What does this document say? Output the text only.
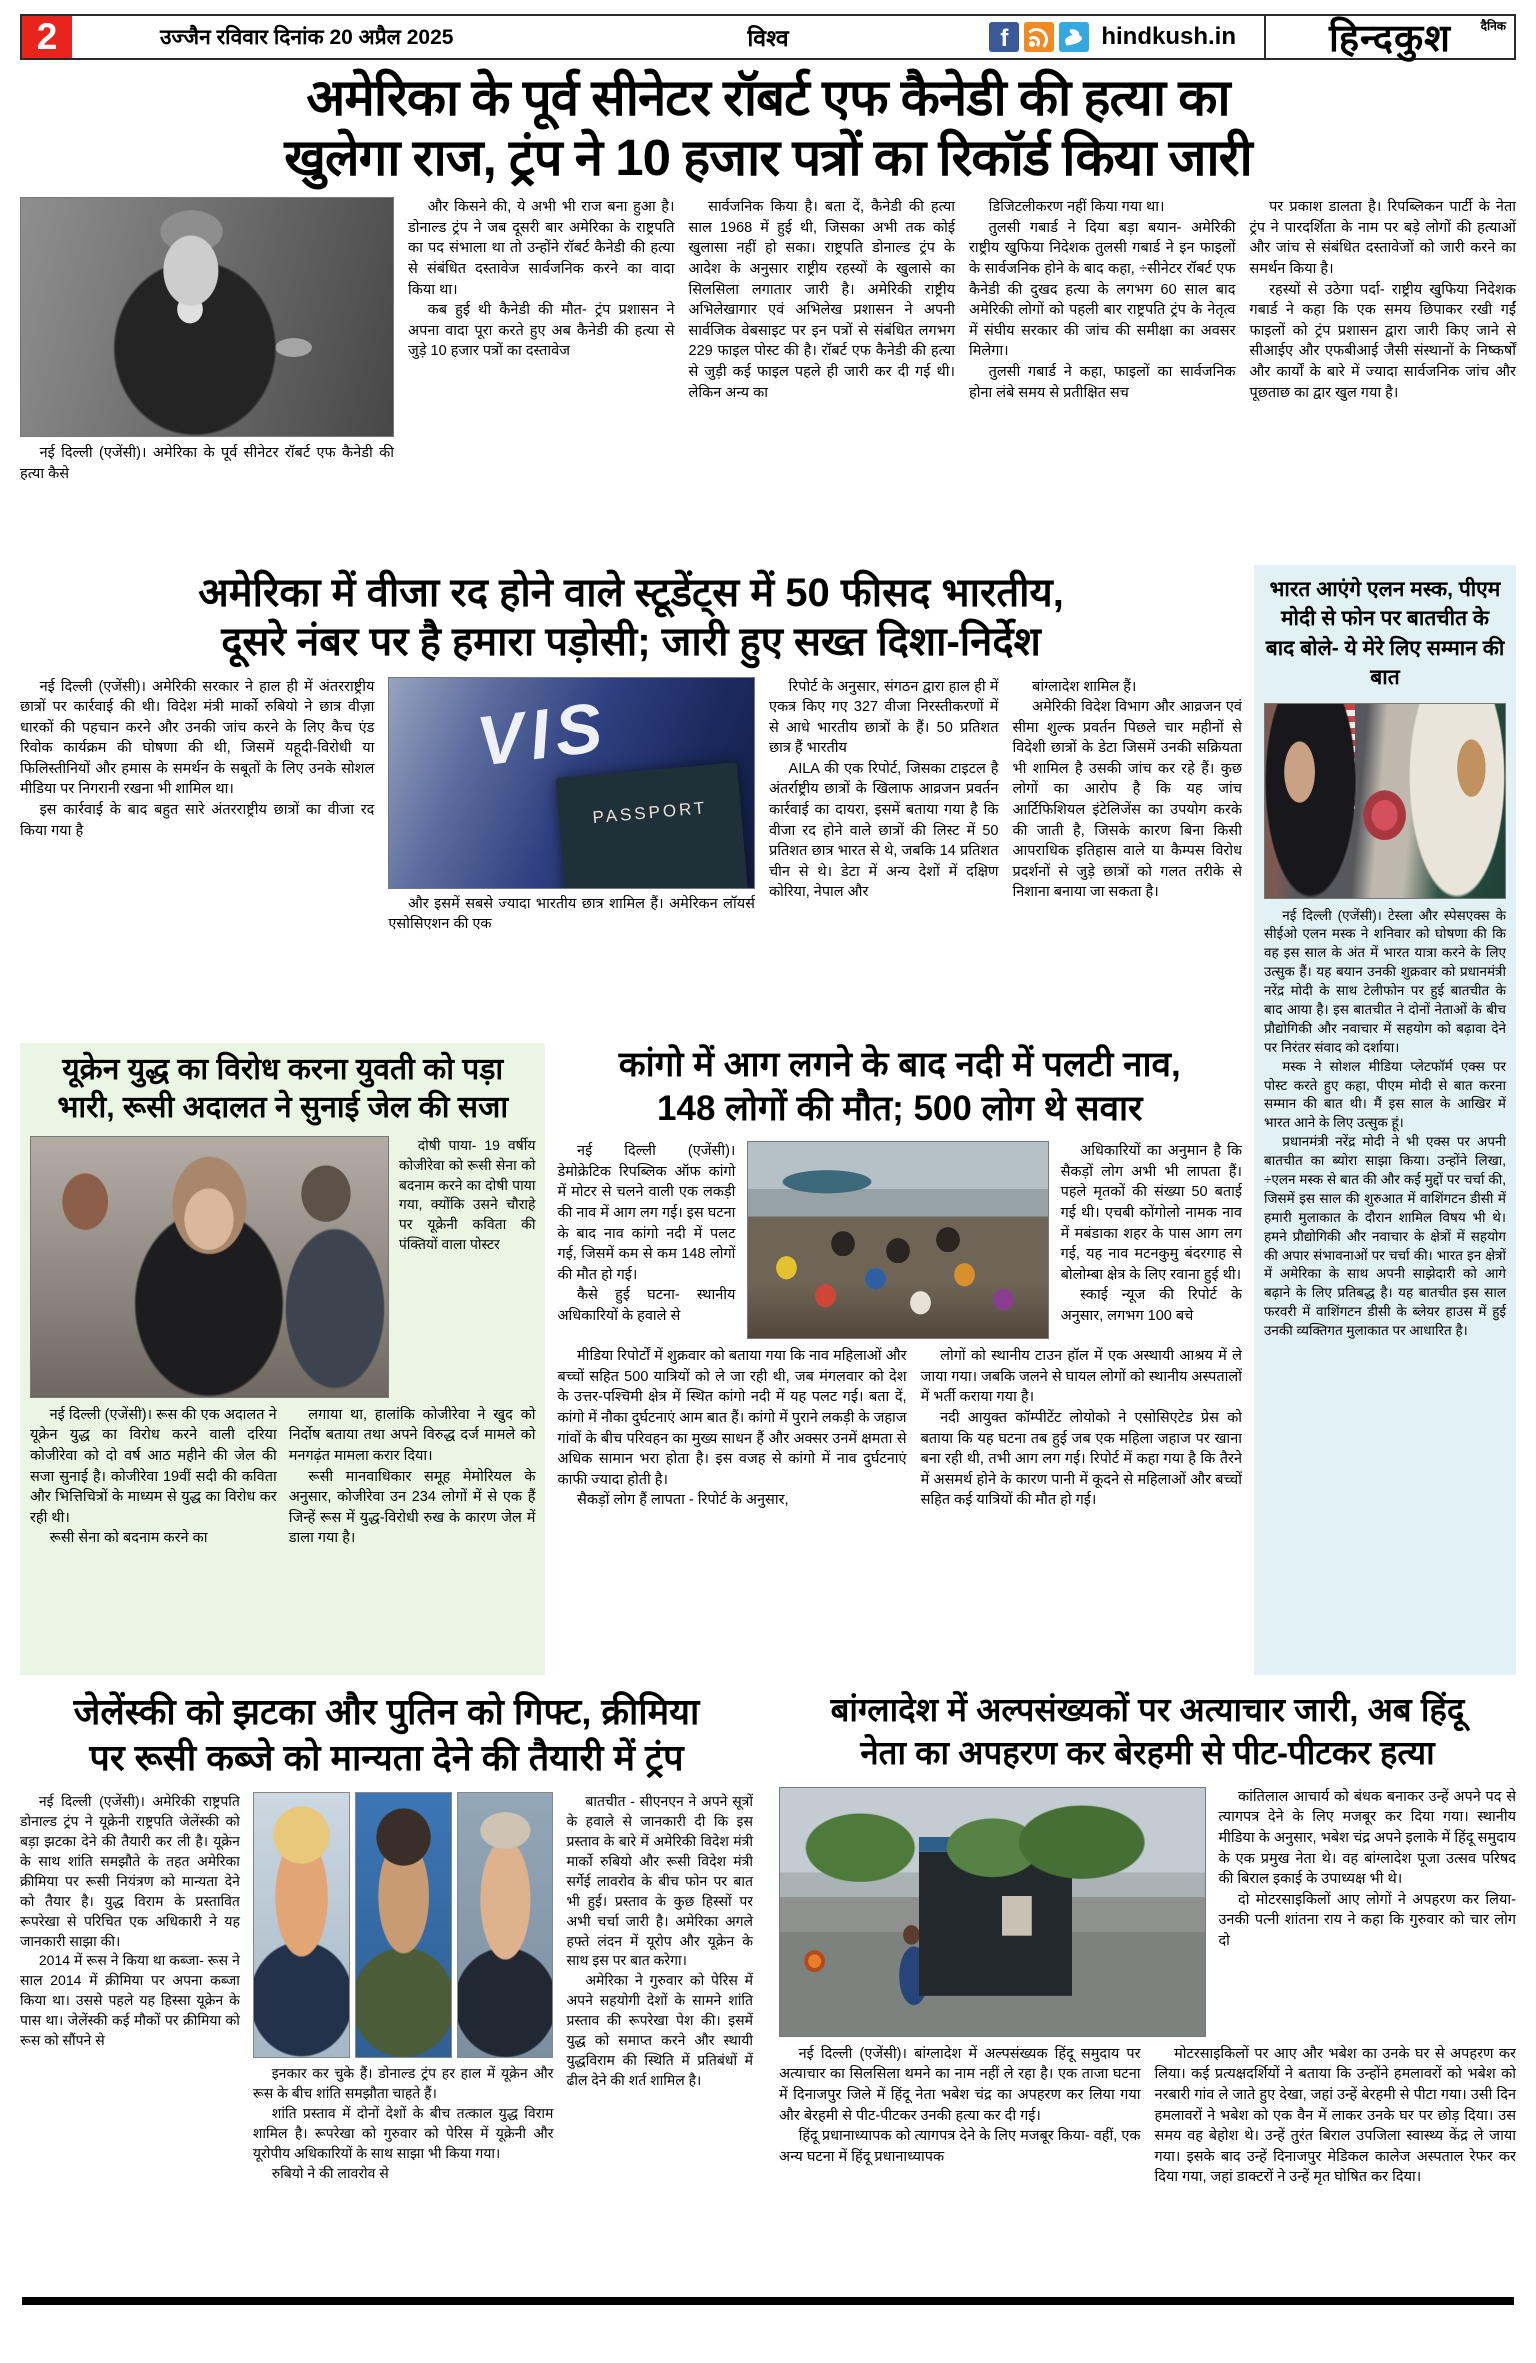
2	उज्जैन रविवार दिनांक 20 अप्रैल 2025	विश्व	f	hindkush.in	दैनिक
हिन्दकुश
अमेरिका के पूर्व सीनेटर रॉबर्ट एफ कैनेडी की हत्या का
खुलेगा राज, ट्रंप ने 10 हजार पत्रों का रिकॉर्ड किया जारी

नई दिल्ली (एजेंसी)। अमेरिका के पूर्व सीनेटर रॉबर्ट एफ कैनेडी की हत्या कैसे

और किसने की, ये अभी भी राज बना हुआ है। डोनाल्ड ट्रंप ने जब दूसरी बार अमेरिका के राष्ट्रपति का पद संभाला था तो उन्होंने रॉबर्ट कैनेडी की हत्या से संबंधित दस्तावेज सार्वजनिक करने का वादा किया था।

कब हुई थी कैनेडी की मौत- ट्रंप प्रशासन ने अपना वादा पूरा करते हुए अब कैनेडी की हत्या से जुड़े 10 हजार पत्रों का दस्तावेज

सार्वजनिक किया है। बता दें, कैनेडी की हत्या साल 1968 में हुई थी, जिसका अभी तक कोई खुलासा नहीं हो सका। राष्ट्रपति डोनाल्ड ट्रंप के आदेश के अनुसार राष्ट्रीय रहस्यों के खुलासे का सिलसिला लगातार जारी है। अमेरिकी राष्ट्रीय अभिलेखागार एवं अभिलेख प्रशासन ने अपनी सार्वजिक वेबसाइट पर इन पत्रों से संबंधित लगभग 229 फाइल पोस्ट की है। रॉबर्ट एफ कैनेडी की हत्या से जुड़ी कई फाइल पहले ही जारी कर दी गई थी। लेकिन अन्य का

डिजिटलीकरण नहीं किया गया था।

तुलसी गबार्ड ने दिया बड़ा बयान- अमेरिकी राष्ट्रीय खुफिया निदेशक तुलसी गबार्ड ने इन फाइलों के सार्वजनिक होने के बाद कहा, ÷सीनेटर रॉबर्ट एफ कैनेडी की दुखद हत्या के लगभग 60 साल बाद अमेरिकी लोगों को पहली बार राष्ट्रपति ट्रंप के नेतृत्व में संघीय सरकार की जांच की समीक्षा का अवसर मिलेगा।

तुलसी गबार्ड ने कहा, फाइलों का सार्वजनिक होना लंबे समय से प्रतीक्षित सच

पर प्रकाश डालता है। रिपब्लिकन पार्टी के नेता ट्रंप ने पारदर्शिता के नाम पर बड़े लोगों की हत्याओं और जांच से संबंधित दस्तावेजों को जारी करने का समर्थन किया है।

रहस्यों से उठेगा पर्दा- राष्ट्रीय खुफिया निदेशक गबार्ड ने कहा कि एक समय छिपाकर रखी गईं फाइलों को ट्रंप प्रशासन द्वारा जारी किए जाने से सीआईए और एफबीआई जैसी संस्थानों के निष्कर्षों और कार्यों के बारे में ज्यादा सार्वजनिक जांच और पूछताछ का द्वार खुल गया है।

अमेरिका में वीजा रद होने वाले स्टूडेंट्स में 50 फीसद भारतीय,
दूसरे नंबर पर है हमारा पड़ोसी; जारी हुए सख्त दिशा-निर्देश

नई दिल्ली (एजेंसी)। अमेरिकी सरकार ने हाल ही में अंतरराष्ट्रीय छात्रों पर कार्रवाई की थी। विदेश मंत्री मार्को रुबियो ने छात्र वीज़ा धारकों की पहचान करने और उनकी जांच करने के लिए कैच एंड रिवोक कार्यक्रम की घोषणा की थी, जिसमें यहूदी-विरोधी या फिलिस्तीनियों और हमास के समर्थन के सबूतों के लिए उनके सोशल मीडिया पर निगरानी रखना भी शामिल था।

इस कार्रवाई के बाद बहुत सारे अंतरराष्ट्रीय छात्रों का वीजा रद किया गया है

VIS
PASSPORT

और इसमें सबसे ज्यादा भारतीय छात्र शामिल हैं। अमेरिकन लॉयर्स एसोसिएशन की एक

रिपोर्ट के अनुसार, संगठन द्वारा हाल ही में एकत्र किए गए 327 वीजा निरस्तीकरणों में से आधे भारतीय छात्रों के हैं। 50 प्रतिशत छात्र हैं भारतीय

AILA की एक रिपोर्ट, जिसका टाइटल है अंतर्राष्ट्रीय छात्रों के खिलाफ आव्रजन प्रवर्तन कार्रवाई का दायरा, इसमें बताया गया है कि वीजा रद होने वाले छात्रों की लिस्ट में 50 प्रतिशत छात्र भारत से थे, जबकि 14 प्रतिशत चीन से थे। डेटा में अन्य देशों में दक्षिण कोरिया, नेपाल और

बांग्लादेश शामिल हैं।

अमेरिकी विदेश विभाग और आव्रजन एवं सीमा शुल्क प्रवर्तन पिछले चार महीनों से विदेशी छात्रों के डेटा जिसमें उनकी सक्रियता भी शामिल है उसकी जांच कर रहे हैं। कुछ लोगों का आरोप है कि यह जांच आर्टिफिशियल इंटेलिजेंस का उपयोग करके की जाती है, जिसके कारण बिना किसी आपराधिक इतिहास वाले या कैम्पस विरोध प्रदर्शनों से जुड़े छात्रों को गलत तरीके से निशाना बनाया जा सकता है।

यूक्रेन युद्ध का विरोध करना युवती को पड़ा
भारी, रूसी अदालत ने सुनाई जेल की सजा

दोषी पाया- 19 वर्षीय कोजीरेवा को रूसी सेना को बदनाम करने का दोषी पाया गया, क्योंकि उसने चौराहे पर यूक्रेनी कविता की पंक्तियों वाला पोस्टर

नई दिल्ली (एजेंसी)। रूस की एक अदालत ने यूक्रेन युद्ध का विरोध करने वाली दरिया कोजीरेवा को दो वर्ष आठ महीने की जेल की सजा सुनाई है। कोजीरेवा 19वीं सदी की कविता और भित्तिचित्रों के माध्यम से युद्ध का विरोध कर रही थी।

रूसी सेना को बदनाम करने का

लगाया था, हालांकि कोजीरेवा ने खुद को निर्दोष बताया तथा अपने विरुद्ध दर्ज मामले को मनगढ़ंत मामला करार दिया।

रूसी मानवाधिकार समूह मेमोरियल के अनुसार, कोजीरेवा उन 234 लोगों में से एक हैं जिन्हें रूस में युद्ध-विरोधी रुख के कारण जेल में डाला गया है।

कांगो में आग लगने के बाद नदी में पलटी नाव,
148 लोगों की मौत; 500 लोग थे सवार

नई दिल्ली (एजेंसी)। डेमोक्रेटिक रिपब्लिक ऑफ कांगो में मोटर से चलने वाली एक लकड़ी की नाव में आग लग गई। इस घटना के बाद नाव कांगो नदी में पलट गई, जिसमें कम से कम 148 लोगों की मौत हो गई।

कैसे हुई घटना- स्थानीय अधिकारियों के हवाले से

अधिकारियों का अनुमान है कि सैकड़ों लोग अभी भी लापता हैं। पहले मृतकों की संख्या 50 बताई गई थी। एचबी कोंगोलो नामक नाव में मबंडाका शहर के पास आग लग गई, यह नाव मटनकुमु बंदरगाह से बोलोम्बा क्षेत्र के लिए रवाना हुई थी।

स्काई न्यूज की रिपोर्ट के अनुसार, लगभग 100 बचे

मीडिया रिपोर्टों में शुक्रवार को बताया गया कि नाव महिलाओं और बच्चों सहित 500 यात्रियों को ले जा रही थी, जब मंगलवार को देश के उत्तर-पश्चिमी क्षेत्र में स्थित कांगो नदी में यह पलट गई। बता दें, कांगो में नौका दुर्घटनाएं आम बात हैं। कांगो में पुराने लकड़ी के जहाज गांवों के बीच परिवहन का मुख्य साधन हैं और अक्सर उनमें क्षमता से अधिक सामान भरा होता है। इस वजह से कांगो में नाव दुर्घटनाएं काफी ज्यादा होती है।

सैकड़ों लोग हैं लापता - रिपोर्ट के अनुसार,

लोगों को स्थानीय टाउन हॉल में एक अस्थायी आश्रय में ले जाया गया। जबकि जलने से घायल लोगों को स्थानीय अस्पतालों में भर्ती कराया गया है।

नदी आयुक्त कॉम्पीटेंट लोयोको ने एसोसिएटेड प्रेस को बताया कि यह घटना तब हुई जब एक महिला जहाज पर खाना बना रही थी, तभी आग लग गई। रिपोर्ट में कहा गया है कि तैरने में असमर्थ होने के कारण पानी में कूदने से महिलाओं और बच्चों सहित कई यात्रियों की मौत हो गई।

भारत आएंगे एलन मस्क, पीएम मोदी से फोन पर बातचीत के बाद बोले- ये मेरे लिए सम्मान की बात

नई दिल्ली (एजेंसी)। टेस्ला और स्पेसएक्स के सीईओ एलन मस्क ने शनिवार को घोषणा की कि वह इस साल के अंत में भारत यात्रा करने के लिए उत्सुक हैं। यह बयान उनकी शुक्रवार को प्रधानमंत्री नरेंद्र मोदी के साथ टेलीफोन पर हुई बातचीत के बाद आया है। इस बातचीत ने दोनों नेताओं के बीच प्रौद्योगिकी और नवाचार में सहयोग को बढ़ावा देने पर निरंतर संवाद को दर्शाया।

मस्क ने सोशल मीडिया प्लेटफॉर्म एक्स पर पोस्ट करते हुए कहा, पीएम मोदी से बात करना सम्मान की बात थी। मैं इस साल के आखिर में भारत आने के लिए उत्सुक हूं।

प्रधानमंत्री नरेंद्र मोदी ने भी एक्स पर अपनी बातचीत का ब्योरा साझा किया। उन्होंने लिखा, ÷एलन मस्क से बात की और कई मुद्दों पर चर्चा की, जिसमें इस साल की शुरुआत में वाशिंगटन डीसी में हमारी मुलाकात के दौरान शामिल विषय भी थे। हमने प्रौद्योगिकी और नवाचार के क्षेत्रों में सहयोग की अपार संभावनाओं पर चर्चा की। भारत इन क्षेत्रों में अमेरिका के साथ अपनी साझेदारी को आगे बढ़ाने के लिए प्रतिबद्ध है। यह बातचीत इस साल फरवरी में वाशिंगटन डीसी के ब्लेयर हाउस में हुई उनकी व्यक्तिगत मुलाकात पर आधारित है।

जेलेंस्की को झटका और पुतिन को गिफ्ट, क्रीमिया
पर रूसी कब्जे को मान्यता देने की तैयारी में ट्रंप

नई दिल्ली (एजेंसी)। अमेरिकी राष्ट्रपति डोनाल्ड ट्रंप ने यूक्रेनी राष्ट्रपति जेलेंस्की को बड़ा झटका देने की तैयारी कर ली है। यूक्रेन के साथ शांति समझौते के तहत अमेरिका क्रीमिया पर रूसी नियंत्रण को मान्यता देने को तैयार है। युद्ध विराम के प्रस्तावित रूपरेखा से परिचित एक अधिकारी ने यह जानकारी साझा की।

2014 में रूस ने किया था कब्जा- रूस ने साल 2014 में क्रीमिया पर अपना कब्जा किया था। उससे पहले यह हिस्सा यूक्रेन के पास था। जेलेंस्की कई मौकों पर क्रीमिया को रूस को सौंपने से

इनकार कर चुके हैं। डोनाल्ड ट्रंप हर हाल में यूक्रेन और रूस के बीच शांति समझौता चाहते हैं।

शांति प्रस्ताव में दोनों देशों के बीच तत्काल युद्ध विराम शामिल है। रूपरेखा को गुरुवार को पेरिस में यूक्रेनी और यूरोपीय अधिकारियों के साथ साझा भी किया गया।

रुबियो ने की लावरोव से

बातचीत - सीएनएन ने अपने सूत्रों के हवाले से जानकारी दी कि इस प्रस्ताव के बारे में अमेरिकी विदेश मंत्री मार्को रुबियो और रूसी विदेश मंत्री सर्गेई लावरोव के बीच फोन पर बात भी हुई। प्रस्ताव के कुछ हिस्सों पर अभी चर्चा जारी है। अमेरिका अगले हफ्ते लंदन में यूरोप और यूक्रेन के साथ इस पर बात करेगा।

अमेरिका ने गुरुवार को पेरिस में अपने सहयोगी देशों के सामने शांति प्रस्ताव की रूपरेखा पेश की। इसमें युद्ध को समाप्त करने और स्थायी युद्धविराम की स्थिति में प्रतिबंधों में ढील देने की शर्त शामिल है।

बांग्लादेश में अल्पसंख्यकों पर अत्याचार जारी, अब हिंदू
नेता का अपहरण कर बेरहमी से पीट-पीटकर हत्या

कांतिलाल आचार्य को बंधक बनाकर उन्हें अपने पद से त्यागपत्र देने के लिए मजबूर कर दिया गया। स्थानीय मीडिया के अनुसार, भबेश चंद्र अपने इलाके में हिंदू समुदाय के एक प्रमुख नेता थे। वह बांग्लादेश पूजा उत्सव परिषद की बिराल इकाई के उपाध्यक्ष भी थे।

दो मोटरसाइकिलों आए लोगों ने अपहरण कर लिया- उनकी पत्नी शांतना राय ने कहा कि गुरुवार को चार लोग दो

नई दिल्ली (एजेंसी)। बांग्लादेश में अल्पसंख्यक हिंदू समुदाय पर अत्याचार का सिलसिला थमने का नाम नहीं ले रहा है। एक ताजा घटना में दिनाजपुर जिले में हिंदू नेता भबेश चंद्र का अपहरण कर लिया गया और बेरहमी से पीट-पीटकर उनकी हत्या कर दी गई।

हिंदू प्रधानाध्यापक को त्यागपत्र देने के लिए मजबूर किया- वहीं, एक अन्य घटना में हिंदू प्रधानाध्यापक

मोटरसाइकिलों पर आए और भबेश का उनके घर से अपहरण कर लिया। कई प्रत्यक्षदर्शियों ने बताया कि उन्होंने हमलावरों को भबेश को नरबारी गांव ले जाते हुए देखा, जहां उन्हें बेरहमी से पीटा गया। उसी दिन हमलावरों ने भबेश को एक वैन में लाकर उनके घर पर छोड़ दिया। उस समय वह बेहोश थे। उन्हें तुरंत बिराल उपजिला स्वास्थ्य केंद्र ले जाया गया। इसके बाद उन्हें दिनाजपुर मेडिकल कालेज अस्पताल रेफर कर दिया गया, जहां डाक्टरों ने उन्हें मृत घोषित कर दिया।
